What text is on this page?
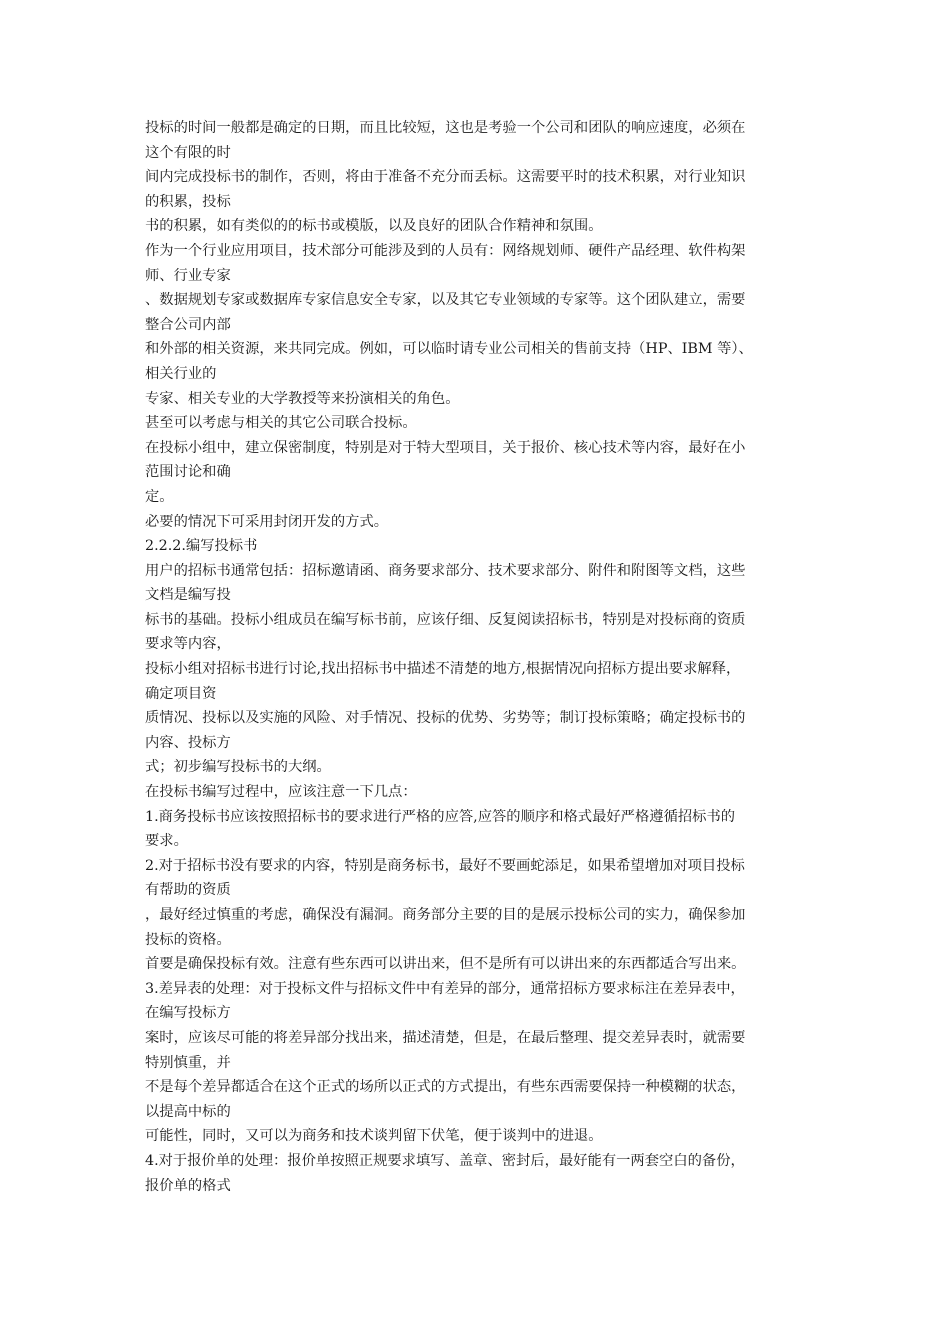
投标的时间一般都是确定的日期，而且比较短，这也是考验一个公司和团队的响应速度，必须在

这个有限的时

间内完成投标书的制作，否则，将由于准备不充分而丢标。这需要平时的技术积累，对行业知识

的积累，投标

书的积累，如有类似的的标书或模版，以及良好的团队合作精神和氛围。

作为一个行业应用项目，技术部分可能涉及到的人员有：网络规划师、硬件产品经理、软件构架

师、行业专家

、数据规划专家或数据库专家信息安全专家，以及其它专业领域的专家等。这个团队建立，需要

整合公司内部

和外部的相关资源，来共同完成。例如，可以临时请专业公司相关的售前支持（HP、IBM 等）、

相关行业的

专家、相关专业的大学教授等来扮演相关的角色。

甚至可以考虑与相关的其它公司联合投标。

在投标小组中，建立保密制度，特别是对于特大型项目，关于报价、核心技术等内容，最好在小

范围讨论和确

定。

必要的情况下可采用封闭开发的方式。

2.2.2.编写投标书

用户的招标书通常包括：招标邀请函、商务要求部分、技术要求部分、附件和附图等文档，这些

文档是编写投

标书的基础。投标小组成员在编写标书前，应该仔细、反复阅读招标书，特别是对投标商的资质

要求等内容，

投标小组对招标书进行讨论,找出招标书中描述不清楚的地方,根据情况向招标方提出要求解释，

确定项目资

质情况、投标以及实施的风险、对手情况、投标的优势、劣势等；制订投标策略；确定投标书的

内容、投标方

式；初步编写投标书的大纲。

在投标书编写过程中，应该注意一下几点：

1.商务投标书应该按照招标书的要求进行严格的应答,应答的顺序和格式最好严格遵循招标书的

要求。

2.对于招标书没有要求的内容，特别是商务标书，最好不要画蛇添足，如果希望增加对项目投标

有帮助的资质

，最好经过慎重的考虑，确保没有漏洞。商务部分主要的目的是展示投标公司的实力，确保参加

投标的资格。

首要是确保投标有效。注意有些东西可以讲出来，但不是所有可以讲出来的东西都适合写出来。

3.差异表的处理：对于投标文件与招标文件中有差异的部分，通常招标方要求标注在差异表中，

在编写投标方

案时，应该尽可能的将差异部分找出来，描述清楚，但是，在最后整理、提交差异表时，就需要

特别慎重，并

不是每个差异都适合在这个正式的场所以正式的方式提出，有些东西需要保持一种模糊的状态，

以提高中标的

可能性，同时，又可以为商务和技术谈判留下伏笔，便于谈判中的进退。

4.对于报价单的处理：报价单按照正规要求填写、盖章、密封后，最好能有一两套空白的备份，

报价单的格式
